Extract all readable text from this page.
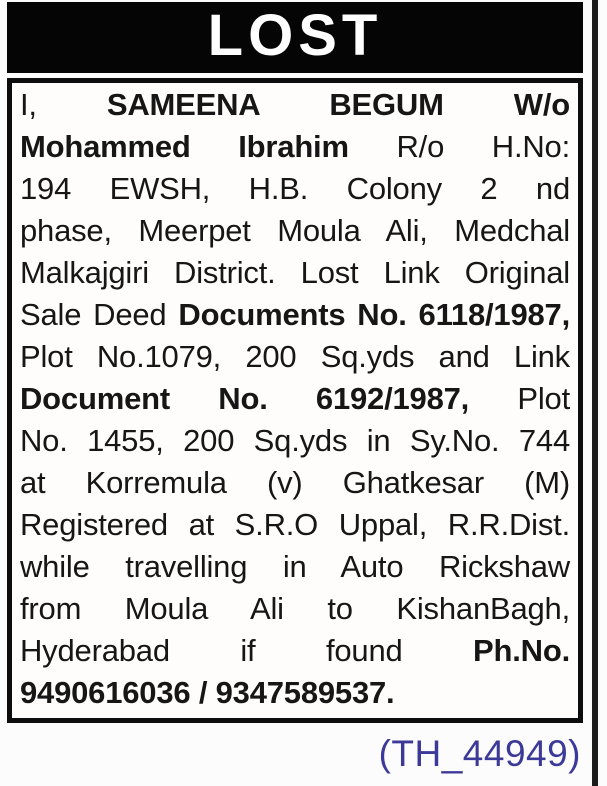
LOST
I, SAMEENA BEGUM W/o
Mohammed Ibrahim R/o H.No:
194 EWSH, H.B. Colony 2 nd
phase, Meerpet Moula Ali, Medchal
Malkajgiri District. Lost Link Original
Sale Deed Documents No. 6118/1987,
Plot No.1079, 200 Sq.yds and Link
Document No. 6192/1987, Plot
No. 1455, 200 Sq.yds in Sy.No. 744
at Korremula (v) Ghatkesar (M)
Registered at S.R.O Uppal, R.R.Dist.
while travelling in Auto Rickshaw
from Moula Ali to KishanBagh,
Hyderabad if found Ph.No.
9490616036 / 9347589537.
(TH_44949)
